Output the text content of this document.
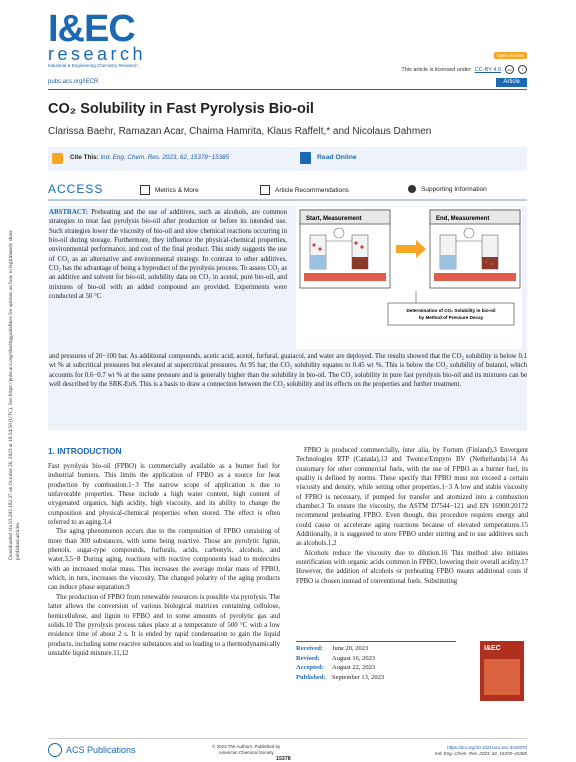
I&EC
research
Industrial & Engineering Chemistry Research
Open Access
This article is licensed under CC-BY 4.0	cc	i
pubs.acs.org/IECR	Article
CO₂ Solubility in Fast Pyrolysis Bio-oil
Clarissa Baehr, Ramazan Acar, Chaima Hamrita, Klaus Raffelt,* and Nicolaus Dahmen
Cite This: Ind. Eng. Chem. Res. 2023, 62, 15378−15385	Read Online
ACCESS	Metrics & More	Article Recommendations	Supporting Information
Downloaded via 93.202.182.37 on October 26, 2023 at 10:54:58 (UTC). See https://pubs.acs.org/sharingguidelines for options on how to legitimately share published articles.
ABSTRACT: Preheating and the use of additives, such as alcohols, are common strategies to treat fast pyrolysis bio-oil after production or before its intended use. Such strategies lower the viscosity of bio-oil and slow chemical reactions occurring in bio-oil during storage. Furthermore, they influence the physical-chemical properties, environmental performance, and cost of the final product. This study suggests the use of CO₂ as an alternative and environmental strategy. In contrast to other additives, CO₂ has the advantage of being a byproduct of the pyrolysis process. To assess CO₂ as an additive and solvent for bio-oil, solubility data on CO₂ in acetol, pure bio-oil, and mixtures of bio-oil with an added compound are provided. Experiments were conducted at 50 °C
and pressures of 20−100 bar. As additional compounds, acetic acid, acetol, furfural, guaiacol, and water are deployed. The results showed that the CO₂ solubility is below 0.1 wt % at subcritical pressures but elevated at supercritical pressures. At 95 bar, the CO₂ solubility equates to 0.45 wt %. This is below the CO₂ solubility of butanol, which accounts for 0.6−0.7 wt % at the same pressure and is generally higher than the solubility in bio-oil. The CO₂ solubility in pure fast pyrolysis bio-oil and its mixtures can be well described by the SRK-EoS. This is a basis to draw a connection between the CO₂ solubility and its effects on the properties and further treatment.
Start, Measurement	End, Measurement
Determination of CO₂ Solubility in bio-oil
by Method of Pressure Decay
1. INTRODUCTION

Fast pyrolysis bio-oil (FPBO) is commercially available as a burner fuel for industrial burners. This limits the application of FPBO as a source for heat production by combustion.1−3 The narrow scope of application is due to unfavorable properties. These include a high water content, high content of oxygenated organics, high acidity, high viscosity, and its ability to change the composition and physical-chemical properties when stored. The effect is often referred to as aging.3,4

The aging phenomenon occurs due to the composition of FPBO consisting of more than 300 substances, with some being reactive. Those are pyrolytic lignin, phenols, sugar-type compounds, furfurals, acids, carbonyls, alcohols, and water.3,5−8 During aging, reactions with reactive components lead to molecules with an increased molar mass. This increases the average molar mass of FPBO, which, in turn, increases the viscosity. The changed polarity of the aging products can induce phase separation.9

The production of FPBO from renewable resources is possible via pyrolysis. The latter allows the conversion of various biological matrices containing cellulose, hemicellulose, and lignin to FPBO and to some amounts of pyrolytic gas and solids.10 The pyrolysis process takes place at a temperature of 500 °C with a low residence time of about 2 s. It is ended by rapid condensation to gain the liquid products, including some reactive substances and so leading to a thermodynamically unstable liquid mixture.11,12

FPBO is produced commercially, inter alia, by Fortum (Finland),3 Envergent Technologies RTP (Canada),13 and Twence/Empyro BV (Netherlands).14 As customary for other commercial fuels, with the use of FPBO as a burner fuel, its quality is defined by norms. These specify that FPBO must not exceed a certain viscosity and density, while setting other properties.1−3 A low and stable viscosity of FPBO is necessary, if pumped for transfer and atomized into a combustion chamber.3 To ensure the viscosity, the ASTM D7544−121 and EN 16900:20172 recommend preheating FPBO. Even though, this procedure requires energy and could cause or accelerate aging reactions because of elevated temperatures.15 Additionally, it is suggested to store FPBO under stirring and to use additives such as alcohols.1,2

Alcohols reduce the viscosity due to dilution.16 This method also initiates esterification with organic acids common in FPBO, lowering their overall acidity.17 However, the addition of alcohols or preheating FPBO means additional costs if FPBO is chosen instead of conventional fuels. Substituting

Received: June 20, 2023
Revised: August 16, 2023
Accepted: August 22, 2023
Published: September 13, 2023
I&EC
ACS Publications	© 2023 The Authors. Published by
American Chemical Society
15378
https://doi.org/10.1021/acs.iecr.3c02070
Ind. Eng. Chem. Res. 2023, 62, 15378−15385
